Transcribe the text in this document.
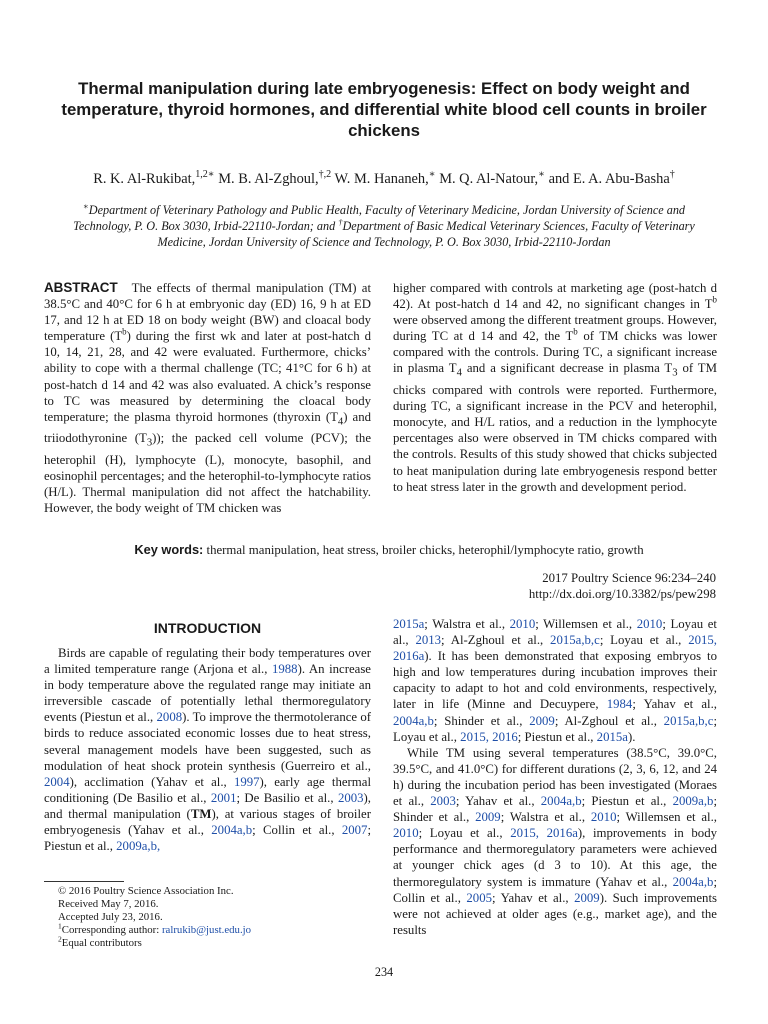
Thermal manipulation during late embryogenesis: Effect on body weight and temperature, thyroid hormones, and differential white blood cell counts in broiler chickens
R. K. Al-Rukibat,$^{1,2∗}$ M. B. Al-Zghoul,$^{\dagger,2}$ W. M. Hananeh,∗ M. Q. Al-Natour,∗ and E. A. Abu-Basha†
∗Department of Veterinary Pathology and Public Health, Faculty of Veterinary Medicine, Jordan University of Science and Technology, P. O. Box 3030, Irbid-22110-Jordan; and †Department of Basic Medical Veterinary Sciences, Faculty of Veterinary Medicine, Jordan University of Science and Technology, P. O. Box 3030, Irbid-22110-Jordan
ABSTRACT The effects of thermal manipulation (TM) at 38.5°C and 40°C for 6 h at embryonic day (ED) 16, 9 h at ED 17, and 12 h at ED 18 on body weight (BW) and cloacal body temperature $(T^b)$ during the first wk and later at post-hatch d 10, 14, 21, 28, and 42 were evaluated. Furthermore, chicks’ ability to cope with a thermal challenge (TC; 41°C for 6 h) at post-hatch d 14 and 42 was also evaluated. A chick’s response to TC was measured by determining the cloacal body temperature; the plasma thyroid hormones (thyroxin $(T_4)$ and triiodothyronine $(T_3)$); the packed cell volume (PCV); the heterophil (H), lymphocyte (L), monocyte, basophil, and eosinophil percentages; and the heterophil-to-lymphocyte ratios (H/L). Thermal manipulation did not affect the hatchability. However, the body weight of TM chicken was
higher compared with controls at marketing age (post-hatch d 42). At post-hatch d 14 and 42, no significant changes in $T^b$ were observed among the different treatment groups. However, during TC at d 14 and 42, the $T^b$ of TM chicks was lower compared with the controls. During TC, a significant increase in plasma $T_4$ and a significant decrease in plasma $T_3$ of TM chicks compared with controls were reported. Furthermore, during TC, a significant increase in the PCV and heterophil, monocyte, and H/L ratios, and a reduction in the lymphocyte percentages also were observed in TM chicks compared with the controls. Results of this study showed that chicks subjected to heat manipulation during late embryogenesis respond better to heat stress later in the growth and development period.
Key words: thermal manipulation, heat stress, broiler chicks, heterophil/lymphocyte ratio, growth
2017 Poultry Science 96:234–240
http://dx.doi.org/10.3382/ps/pew298
INTRODUCTION
Birds are capable of regulating their body temperatures over a limited temperature range (Arjona et al., 1988). An increase in body temperature above the regulated range may initiate an irreversible cascade of potentially lethal thermoregulatory events (Piestun et al., 2008). To improve the thermotolerance of birds to reduce associated economic losses due to heat stress, several management models have been suggested, such as modulation of heat shock protein synthesis (Guerreiro et al., 2004), acclimation (Yahav et al., 1997), early age thermal conditioning (De Basilio et al., 2001; De Basilio et al., 2003), and thermal manipulation (TM), at various stages of broiler embryogenesis (Yahav et al., 2004a,b; Collin et al., 2007; Piestun et al., 2009a,b,

2015a; Walstra et al., 2010; Willemsen et al., 2010; Loyau et al., 2013; Al-Zghoul et al., 2015a,b,c; Loyau et al., 2015, 2016a). It has been demonstrated that exposing embryos to high and low temperatures during incubation improves their capacity to adapt to hot and cold environments, respectively, later in life (Minne and Decuypere, 1984; Yahav et al., 2004a,b; Shinder et al., 2009; Al-Zghoul et al., 2015a,b,c; Loyau et al., 2015, 2016; Piestun et al., 2015a).

While TM using several temperatures (38.5°C, 39.0°C, 39.5°C, and 41.0°C) for different durations (2, 3, 6, 12, and 24 h) during the incubation period has been investigated (Moraes et al., 2003; Yahav et al., 2004a,b; Piestun et al., 2009a,b; Shinder et al., 2009; Walstra et al., 2010; Willemsen et al., 2010; Loyau et al., 2015, 2016a), improvements in body performance and thermoregulatory parameters were achieved at younger chick ages (d 3 to 10). At this age, the thermoregulatory system is immature (Yahav et al., 2004a,b; Collin et al., 2005; Yahav et al., 2009). Such improvements were not achieved at older ages (e.g., market age), and the results

© 2016 Poultry Science Association Inc.
Received May 7, 2016.
Accepted July 23, 2016.
$^1$Corresponding author: ralrukib@just.edu.jo
$^2$Equal contributors
234
